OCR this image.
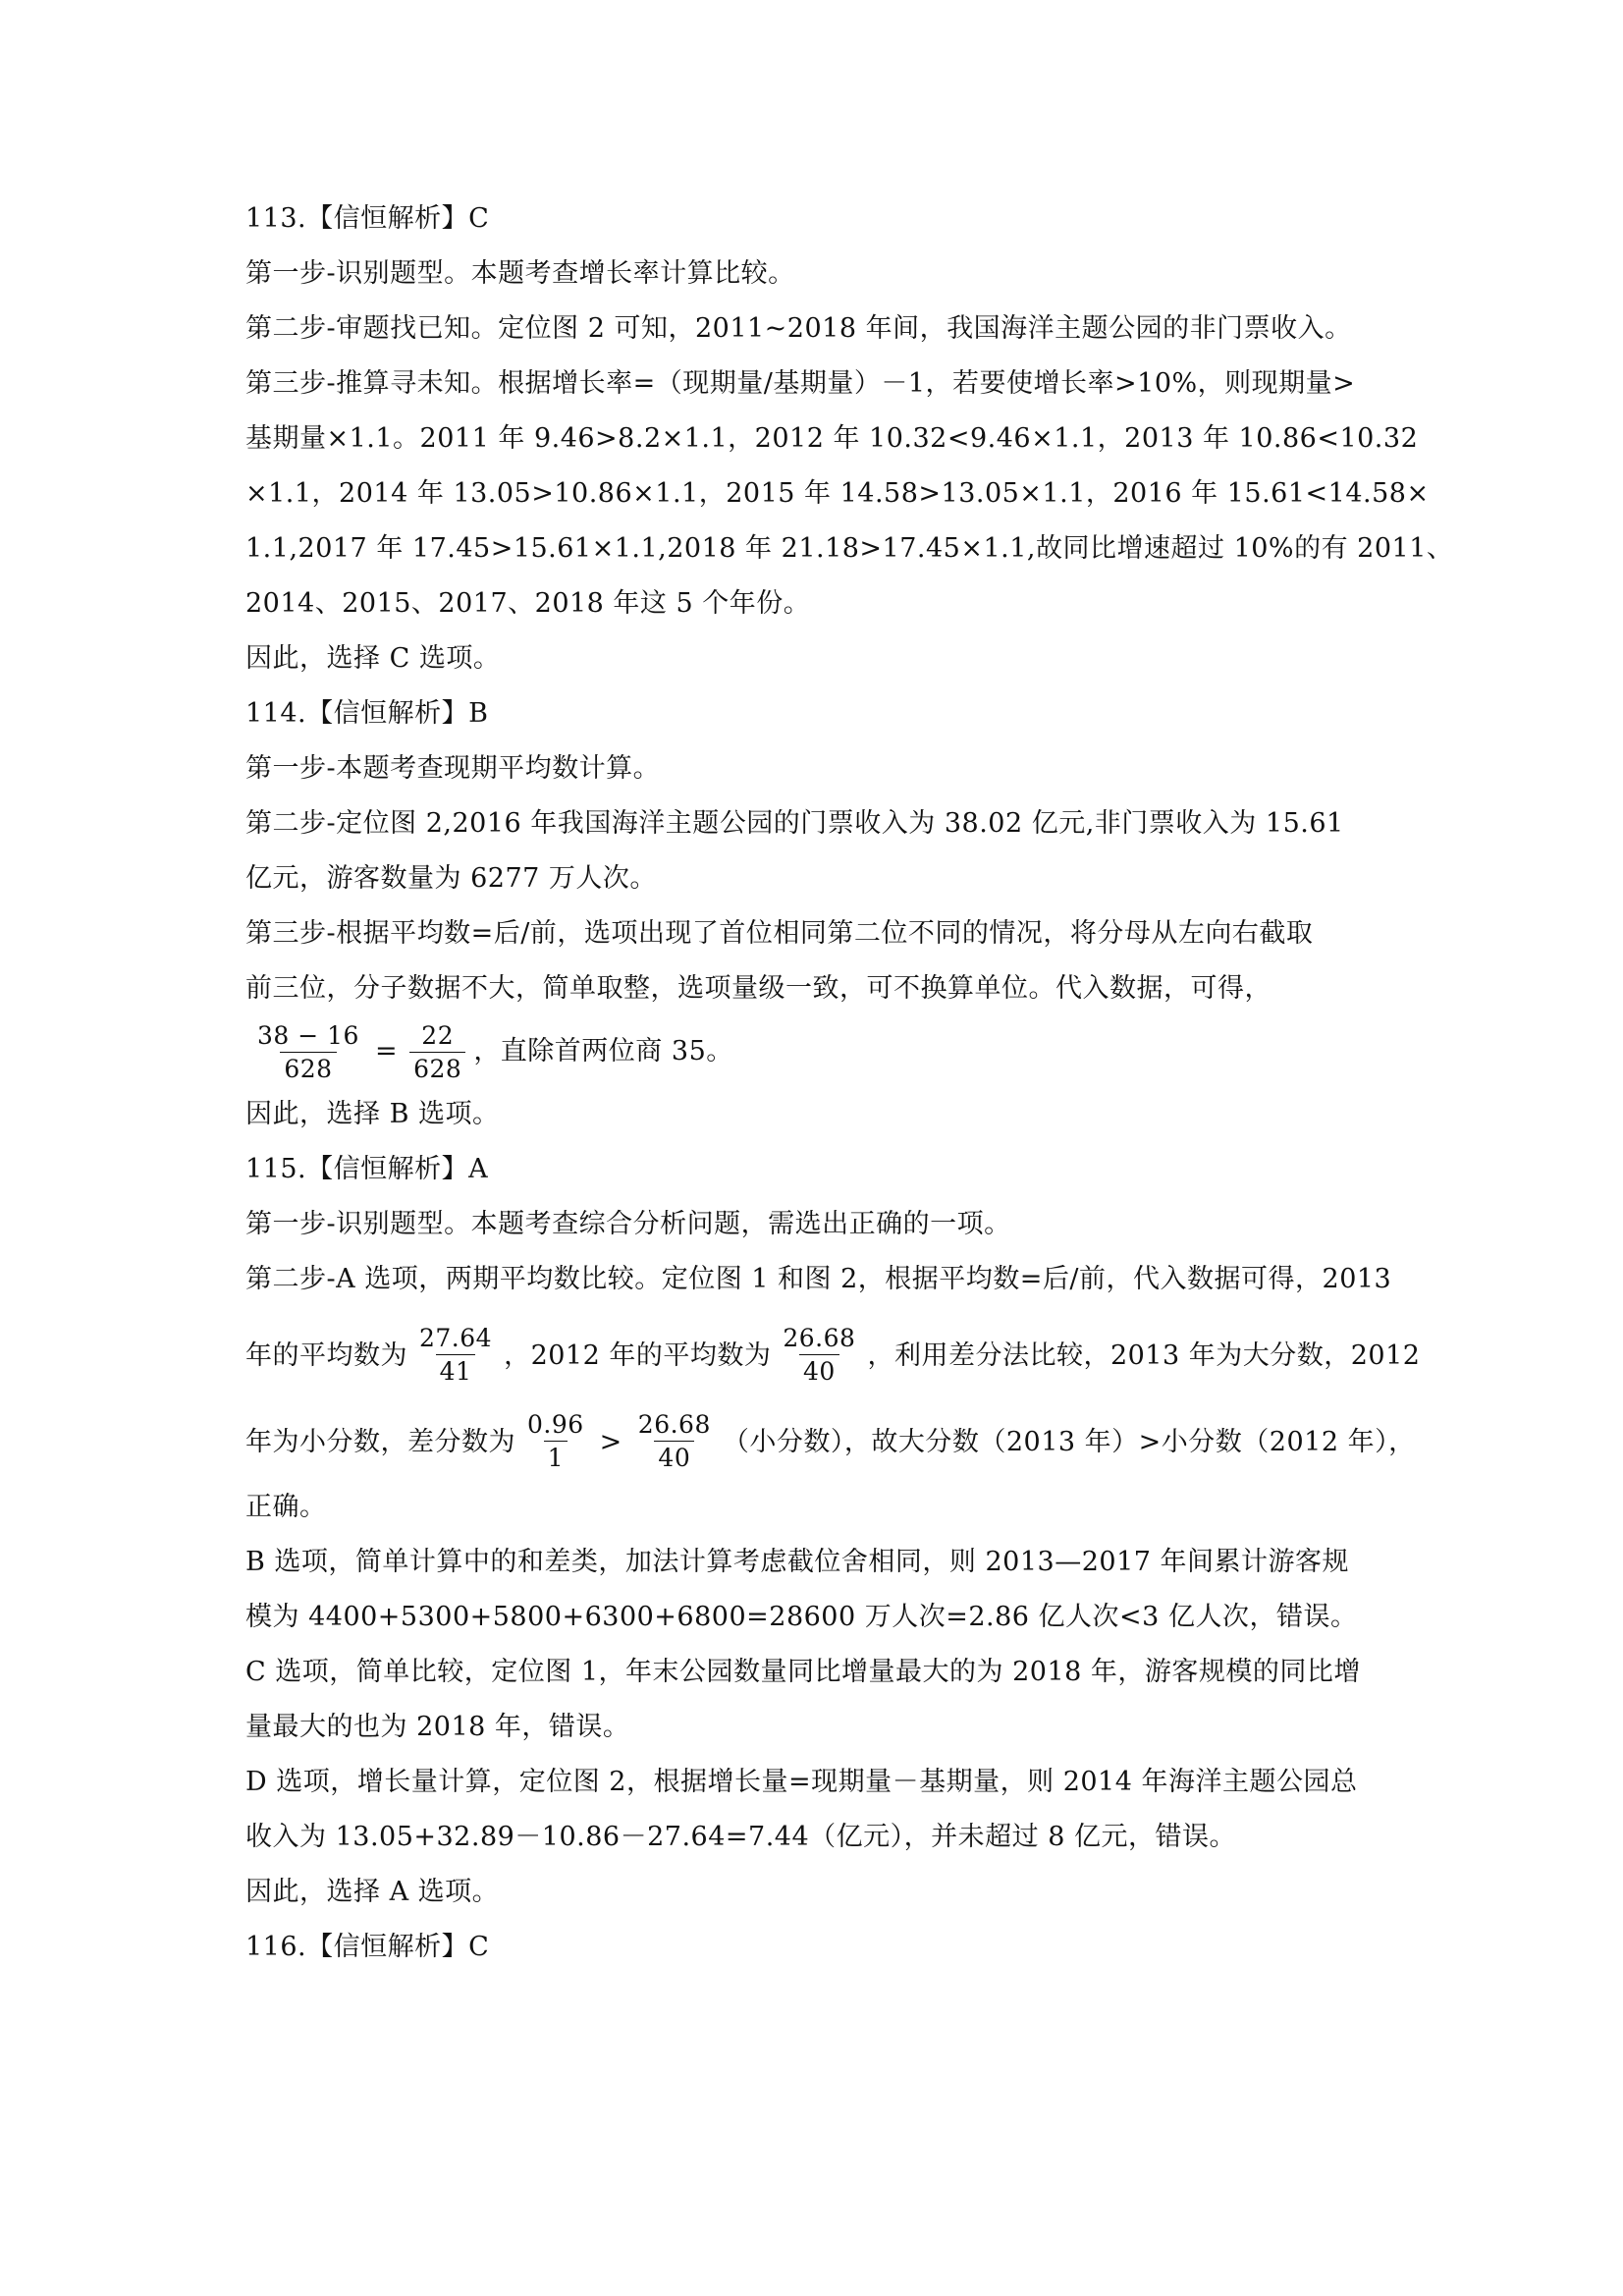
113.【信恒解析】C
第一步-识别题型。本题考查增长率计算比较。
第二步-审题找已知。定位图 2 可知，2011~2018 年间，我国海洋主题公园的非门票收入。
第三步-推算寻未知。根据增长率=（现期量/基期量）－1，若要使增长率>10%，则现期量>
基期量×1.1。2011 年 9.46>8.2×1.1，2012 年 10.32<9.46×1.1，2013 年 10.86<10.32
×1.1，2014 年 13.05>10.86×1.1，2015 年 14.58>13.05×1.1，2016 年 15.61<14.58×
1.1,2017 年 17.45>15.61×1.1,2018 年 21.18>17.45×1.1,故同比增速超过 10%的有 2011、
2014、2015、2017、2018 年这 5 个年份。
因此，选择 C 选项。
114.【信恒解析】B
第一步-本题考查现期平均数计算。
第二步-定位图 2,2016 年我国海洋主题公园的门票收入为 38.02 亿元,非门票收入为 15.61
亿元，游客数量为 6277 万人次。
第三步-根据平均数=后/前，选项出现了首位相同第二位不同的情况，将分母从左向右截取
前三位，分子数据不大，简单取整，选项量级一致，可不换算单位。代入数据，可得，
$\frac{38 - 16}{628} = \frac{22}{628}$ ，直除首两位商 35。
因此，选择 B 选项。
115.【信恒解析】A
第一步-识别题型。本题考查综合分析问题，需选出正确的一项。
第二步-A 选项，两期平均数比较。定位图 1 和图 2，根据平均数=后/前，代入数据可得，2013
年的平均数为 $\frac{27.64}{41}$ ，2012 年的平均数为 $\frac{26.68}{40}$ ，利用差分法比较，2013 年为大分数，2012
年为小分数，差分数为 $\frac{0.96}{1} > \frac{26.68}{40}$ （小分数），故大分数（2013 年）>小分数（2012 年），
正确。
B 选项，简单计算中的和差类，加法计算考虑截位舍相同，则 2013—2017 年间累计游客规
模为 4400+5300+5800+6300+6800=28600 万人次=2.86 亿人次<3 亿人次，错误。
C 选项，简单比较，定位图 1，年末公园数量同比增量最大的为 2018 年，游客规模的同比增
量最大的也为 2018 年，错误。
D 选项，增长量计算，定位图 2，根据增长量=现期量－基期量，则 2014 年海洋主题公园总
收入为 13.05+32.89－10.86－27.64=7.44（亿元），并未超过 8 亿元，错误。
因此，选择 A 选项。
116.【信恒解析】C
